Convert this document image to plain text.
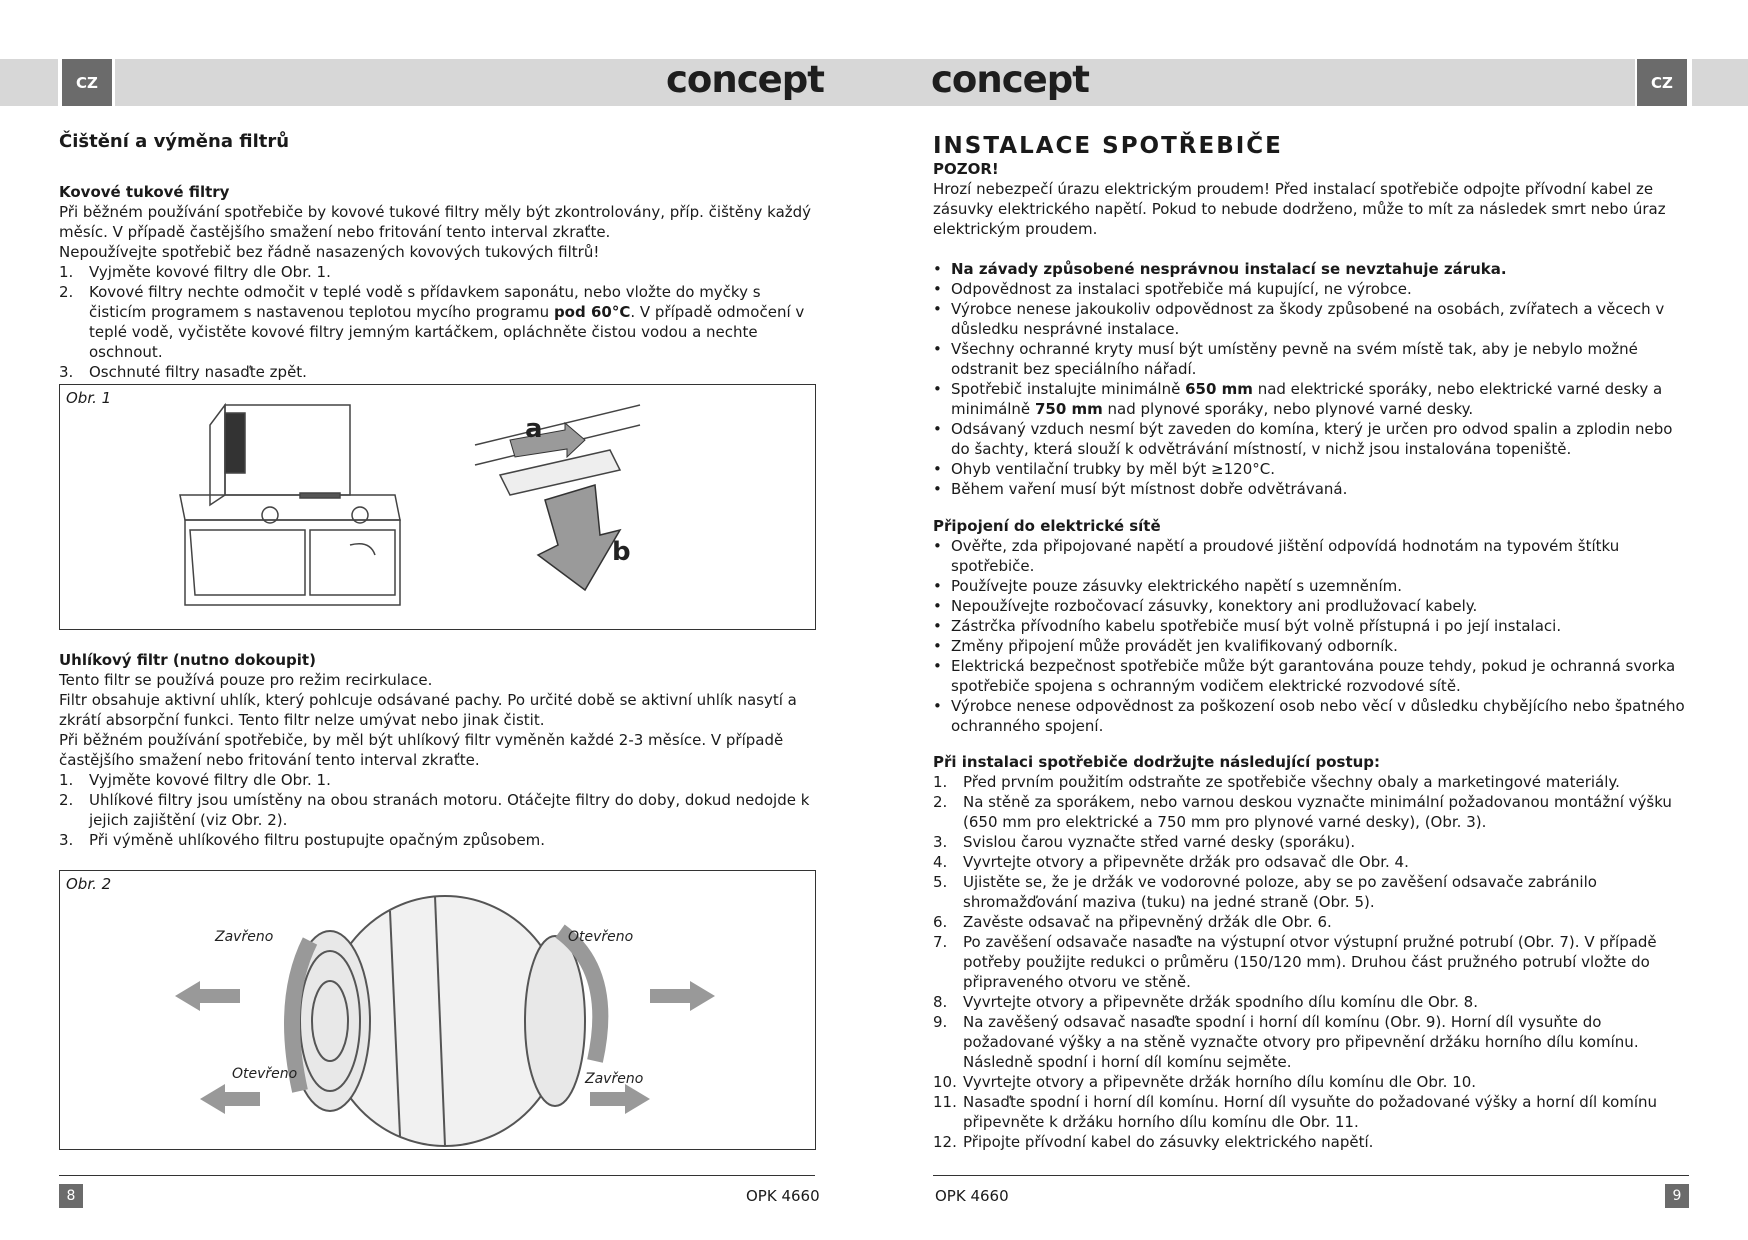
CZ	CZ
concept	concept

Čištění a výměna filtrů

Kovové tukové filtry

Při běžném používání spotřebiče by kovové tukové filtry měly být zkontrolovány, příp. čištěny každý měsíc. V případě častějšího smažení nebo fritování tento interval zkraťte.

Nepoužívejte spotřebič bez řádně nasazených kovových tukových filtrů!

1. Vyjměte kovové filtry dle Obr. 1.
2. Kovové filtry nechte odmočit v teplé vodě s přídavkem saponátu, nebo vložte do myčky s čisticím programem s nastavenou teplotou mycího programu pod 60°C. V případě odmočení v teplé vodě, vyčistěte kovové filtry jemným kartáčkem, opláchněte čistou vodou a nechte oschnout.
3. Oschnuté filtry nasaďte zpět.
Obr. 1
a
b

Uhlíkový filtr (nutno dokoupit)

Tento filtr se používá pouze pro režim recirkulace.

Filtr obsahuje aktivní uhlík, který pohlcuje odsávané pachy. Po určité době se aktivní uhlík nasytí a zkrátí absorpční funkci. Tento filtr nelze umývat nebo jinak čistit.

Při běžném používání spotřebiče, by měl být uhlíkový filtr vyměněn každé 2-3 měsíce. V případě častějšího smažení nebo fritování tento interval zkraťte.

1. Vyjměte kovové filtry dle Obr. 1.
2. Uhlíkové filtry jsou umístěny na obou stranách motoru. Otáčejte filtry do doby, dokud nedojde k jejich zajištění (viz Obr. 2).
3. Při výměně uhlíkového filtru postupujte opačným způsobem.
Obr. 2
Zavřeno	Otevřeno
Otevřeno	Zavřeno
8	OPK 4660

INSTALACE SPOTŘEBIČE

POZOR!

Hrozí nebezpečí úrazu elektrickým proudem! Před instalací spotřebiče odpojte přívodní kabel ze zásuvky elektrického napětí. Pokud to nebude dodrženo, může to mít za následek smrt nebo úraz elektrickým proudem.

• Na závady způsobené nesprávnou instalací se nevztahuje záruka.
• Odpovědnost za instalaci spotřebiče má kupující, ne výrobce.
• Výrobce nenese jakoukoliv odpovědnost za škody způsobené na osobách, zvířatech a věcech v důsledku nesprávné instalace.
• Všechny ochranné kryty musí být umístěny pevně na svém místě tak, aby je nebylo možné odstranit bez speciálního nářadí.
• Spotřebič instalujte minimálně 650 mm nad elektrické sporáky, nebo elektrické varné desky a minimálně 750 mm nad plynové sporáky, nebo plynové varné desky.
• Odsávaný vzduch nesmí být zaveden do komína, který je určen pro odvod spalin a zplodin nebo do šachty, která slouží k odvětrávání místností, v nichž jsou instalována topeniště.
• Ohyb ventilační trubky by měl být ≥120°C.
• Během vaření musí být místnost dobře odvětrávaná.

Připojení do elektrické sítě

• Ověřte, zda připojované napětí a proudové jištění odpovídá hodnotám na typovém štítku spotřebiče.
• Používejte pouze zásuvky elektrického napětí s uzemněním.
• Nepoužívejte rozbočovací zásuvky, konektory ani prodlužovací kabely.
• Zástrčka přívodního kabelu spotřebiče musí být volně přístupná i po její instalaci.
• Změny připojení může provádět jen kvalifikovaný odborník.
• Elektrická bezpečnost spotřebiče může být garantována pouze tehdy, pokud je ochranná svorka spotřebiče spojena s ochranným vodičem elektrické rozvodové sítě.
• Výrobce nenese odpovědnost za poškození osob nebo věcí v důsledku chybějícího nebo špatného ochranného spojení.

Při instalaci spotřebiče dodržujte následující postup:

1. Před prvním použitím odstraňte ze spotřebiče všechny obaly a marketingové materiály.
2. Na stěně za sporákem, nebo varnou deskou vyznačte minimální požadovanou montážní výšku (650 mm pro elektrické a 750 mm pro plynové varné desky), (Obr. 3).
3. Svislou čarou vyznačte střed varné desky (sporáku).
4. Vyvrtejte otvory a připevněte držák pro odsavač dle Obr. 4.
5. Ujistěte se, že je držák ve vodorovné poloze, aby se po zavěšení odsavače zabránilo shromažďování maziva (tuku) na jedné straně (Obr. 5).
6. Zavěste odsavač na připevněný držák dle Obr. 6.
7. Po zavěšení odsavače nasaďte na výstupní otvor výstupní pružné potrubí (Obr. 7). V případě potřeby použijte redukci o průměru (150/120 mm). Druhou část pružného potrubí vložte do připraveného otvoru ve stěně.
8. Vyvrtejte otvory a připevněte držák spodního dílu komínu dle Obr. 8.
9. Na zavěšený odsavač nasaďte spodní i horní díl komínu (Obr. 9). Horní díl vysuňte do požadované výšky a na stěně vyznačte otvory pro připevnění držáku horního dílu komínu. Následně spodní i horní díl komínu sejměte.
10. Vyvrtejte otvory a připevněte držák horního dílu komínu dle Obr. 10.
11. Nasaďte spodní i horní díl komínu. Horní díl vysuňte do požadované výšky a horní díl komínu připevněte k držáku horního dílu komínu dle Obr. 11.
12. Připojte přívodní kabel do zásuvky elektrického napětí.
OPK 4660	9
